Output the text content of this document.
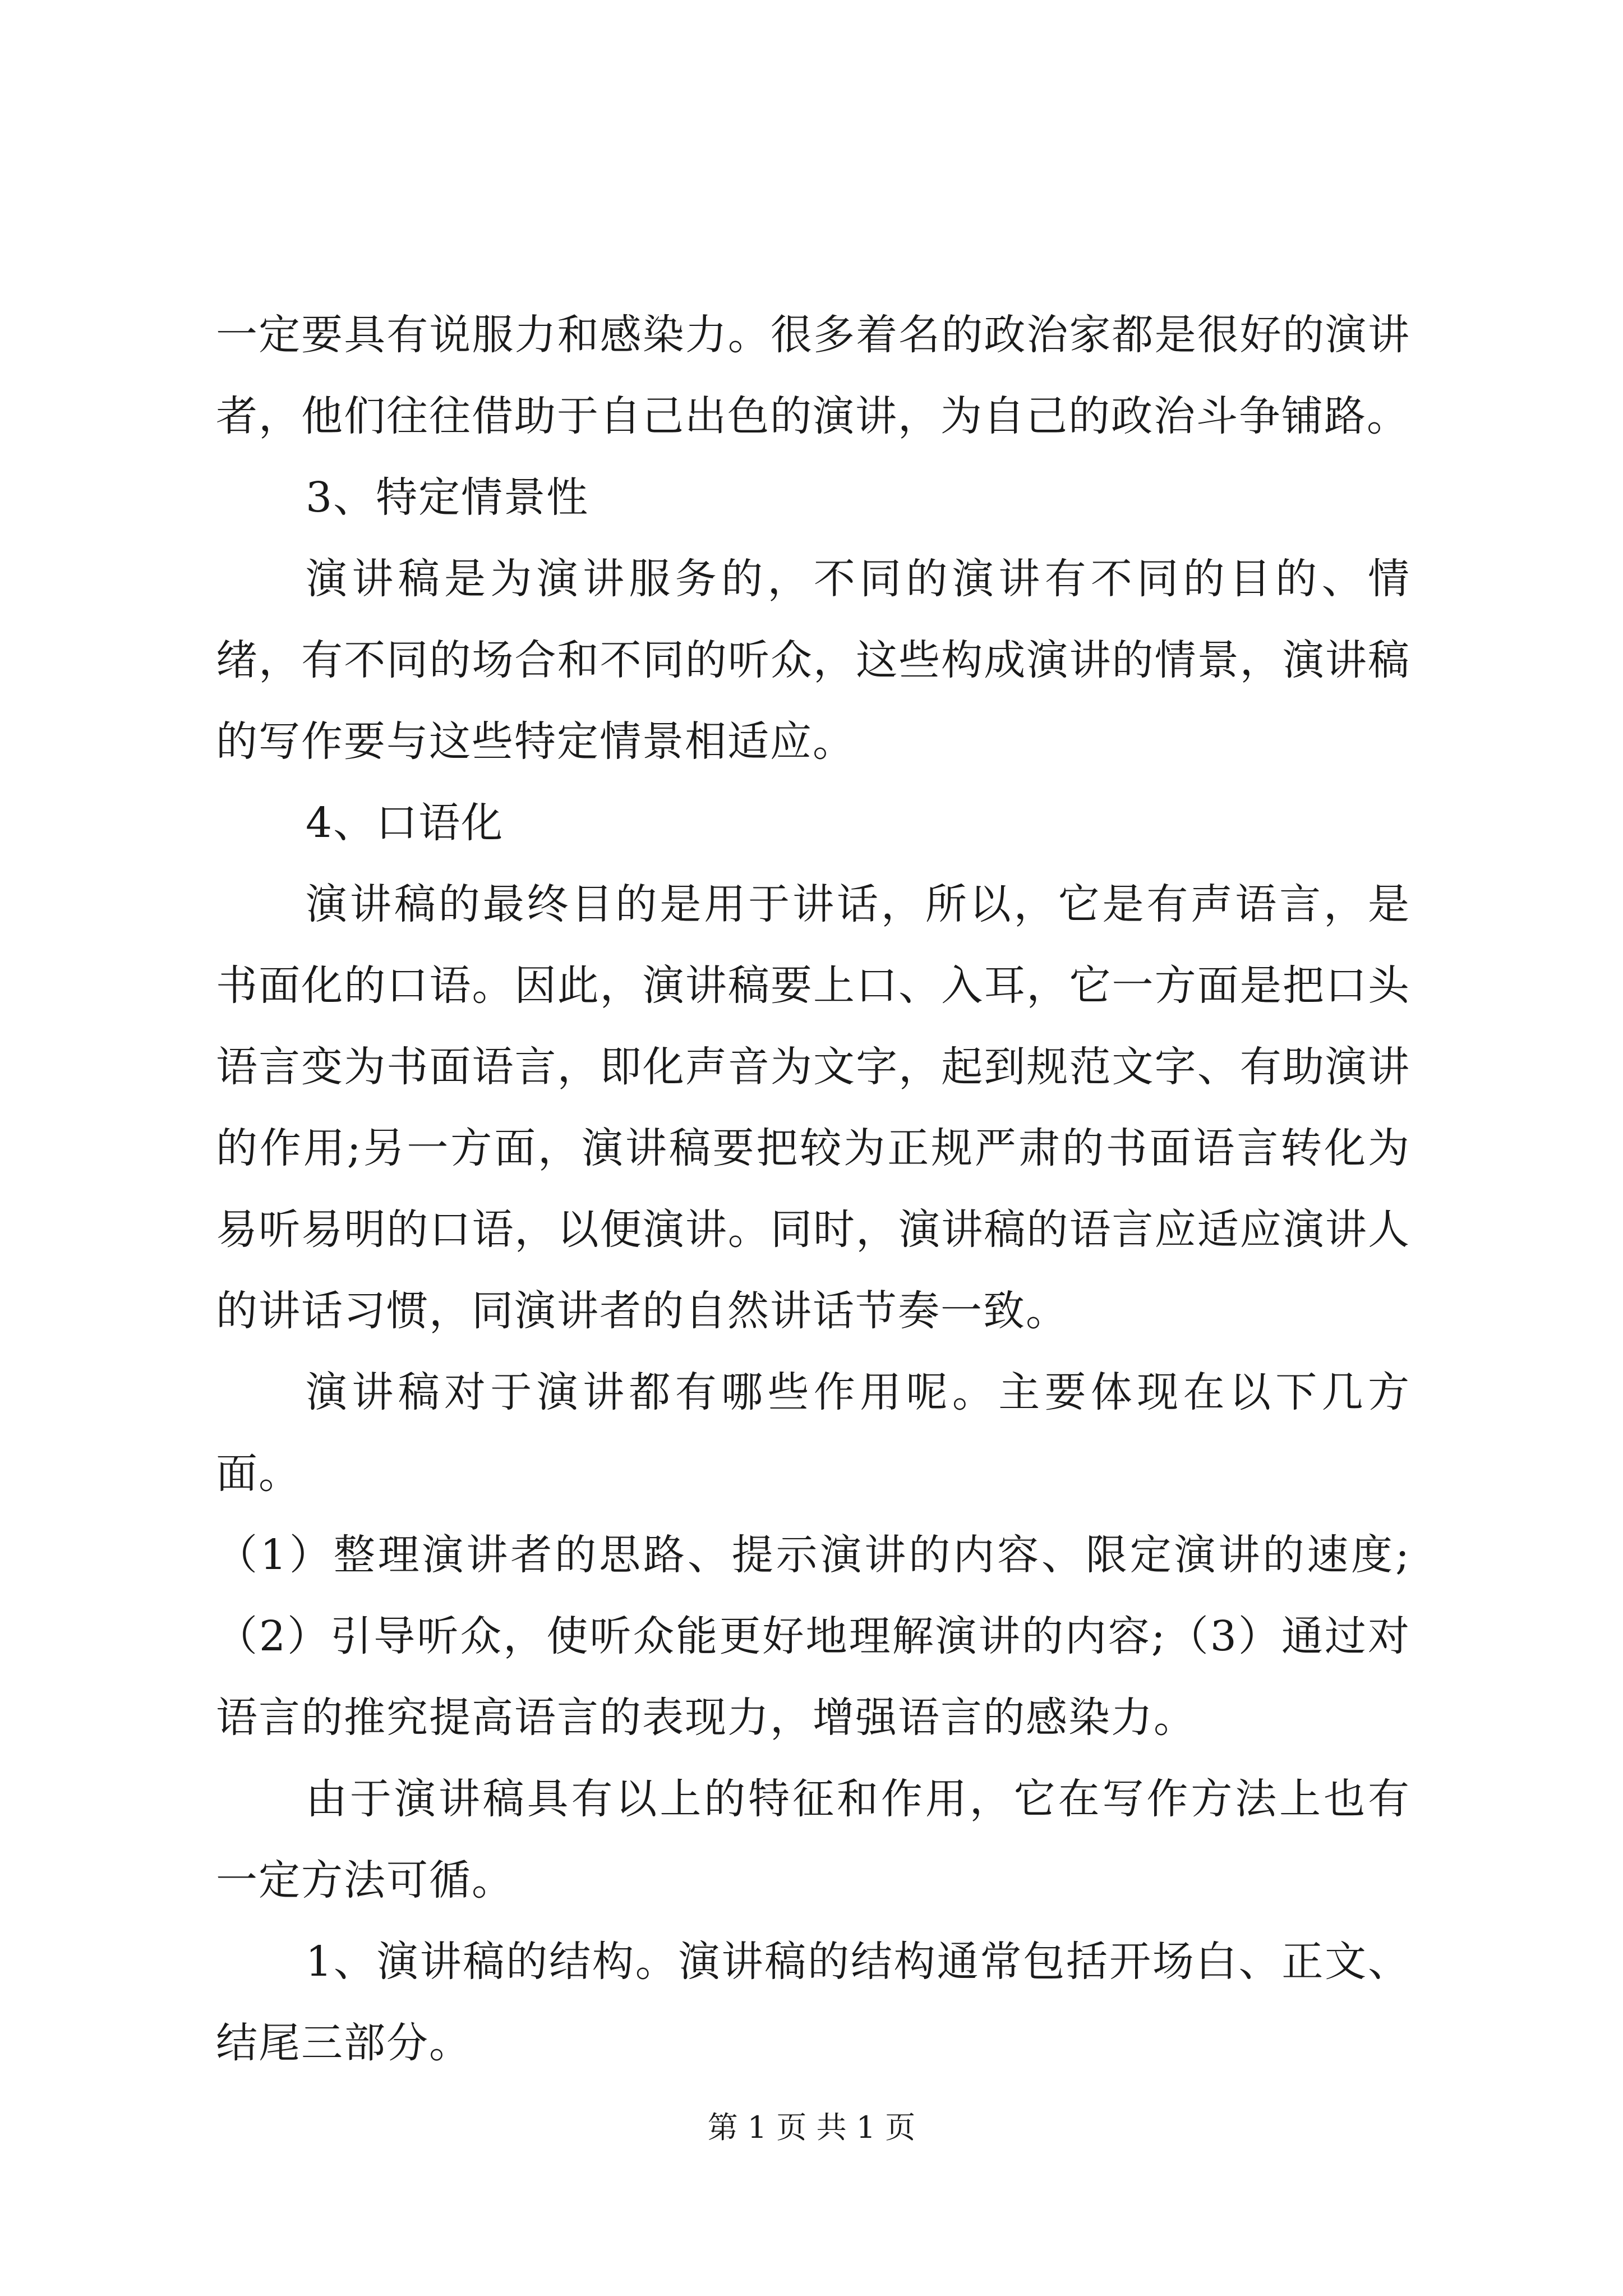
一定要具有说服力和感染力。很多着名的政治家都是很好的演讲者，他们往往借助于自己出色的演讲，为自己的政治斗争铺路。

3、特定情景性

演讲稿是为演讲服务的，不同的演讲有不同的目的、情绪，有不同的场合和不同的听众，这些构成演讲的情景，演讲稿的写作要与这些特定情景相适应。

4、口语化

演讲稿的最终目的是用于讲话，所以，它是有声语言，是书面化的口语。因此，演讲稿要上口、入耳，它一方面是把口头语言变为书面语言，即化声音为文字，起到规范文字、有助演讲的作用;另一方面，演讲稿要把较为正规严肃的书面语言转化为易听易明的口语，以便演讲。同时，演讲稿的语言应适应演讲人的讲话习惯，同演讲者的自然讲话节奏一致。

演讲稿对于演讲都有哪些作用呢。主要体现在以下几方面。

（1）整理演讲者的思路、提示演讲的内容、限定演讲的速度;（2）引导听众，使听众能更好地理解演讲的内容;（3）通过对语言的推究提高语言的表现力，增强语言的感染力。

由于演讲稿具有以上的特征和作用，它在写作方法上也有一定方法可循。

1、演讲稿的结构。演讲稿的结构通常包括开场白、正文、结尾三部分。

第 1 页 共 1 页
